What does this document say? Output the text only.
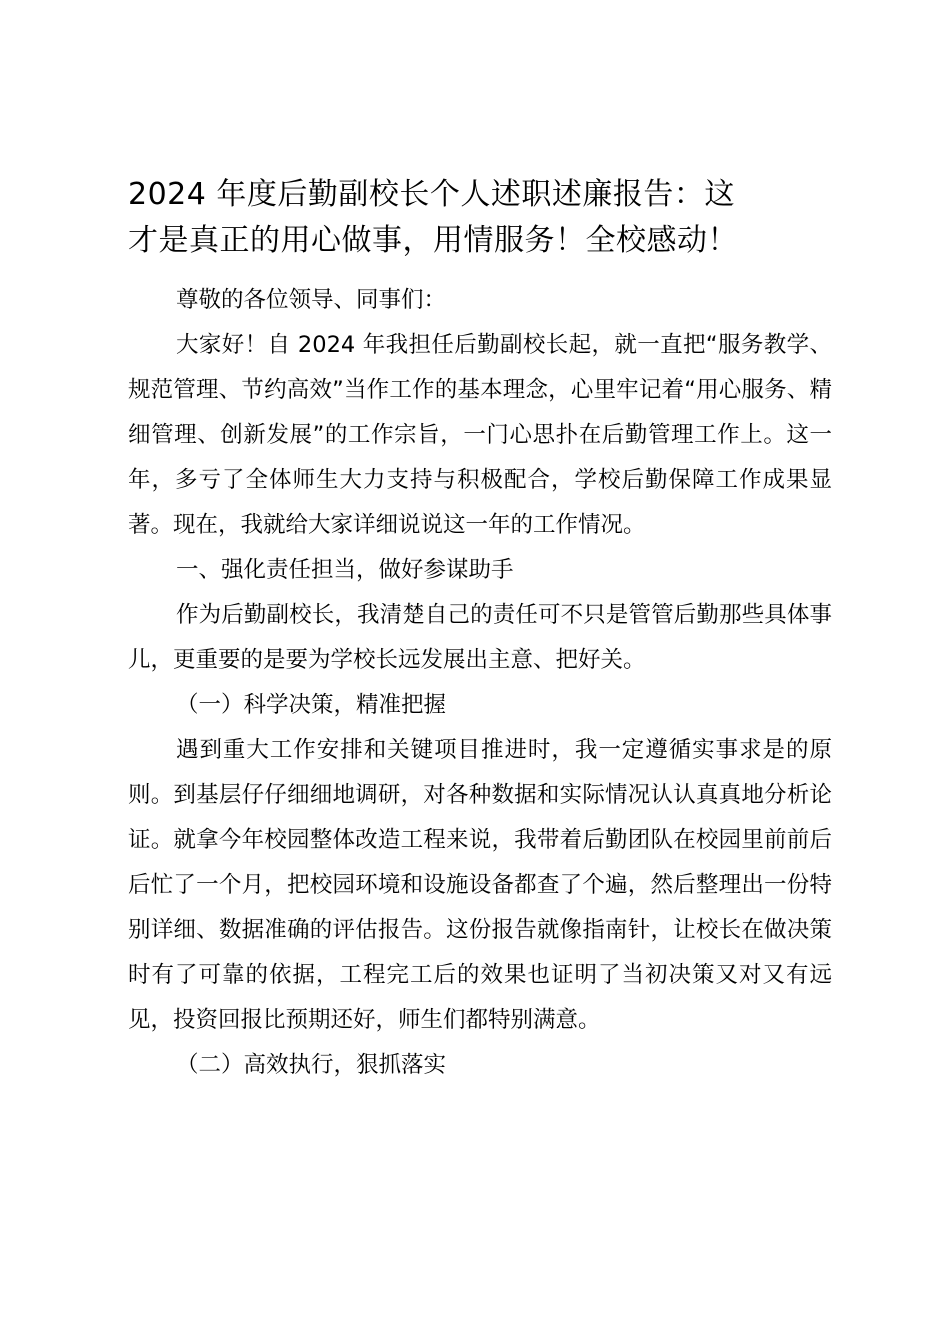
2024 年度后勤副校长个人述职述廉报告：这
才是真正的用心做事，用情服务！全校感动！

尊敬的各位领导、同事们：

大家好！自 2024 年我担任后勤副校长起，就一直把“服务教学、规范管理、节约高效”当作工作的基本理念，心里牢记着“用心服务、精细管理、创新发展”的工作宗旨，一门心思扑在后勤管理工作上。这一年，多亏了全体师生大力支持与积极配合，学校后勤保障工作成果显著。现在，我就给大家详细说说这一年的工作情况。

一、强化责任担当，做好参谋助手

作为后勤副校长，我清楚自己的责任可不只是管管后勤那些具体事儿，更重要的是要为学校长远发展出主意、把好关。

（一）科学决策，精准把握

遇到重大工作安排和关键项目推进时，我一定遵循实事求是的原则。到基层仔仔细细地调研，对各种数据和实际情况认认真真地分析论证。就拿今年校园整体改造工程来说，我带着后勤团队在校园里前前后后忙了一个月，把校园环境和设施设备都查了个遍，然后整理出一份特别详细、数据准确的评估报告。这份报告就像指南针，让校长在做决策时有了可靠的依据，工程完工后的效果也证明了当初决策又对又有远见，投资回报比预期还好，师生们都特别满意。

（二）高效执行，狠抓落实
